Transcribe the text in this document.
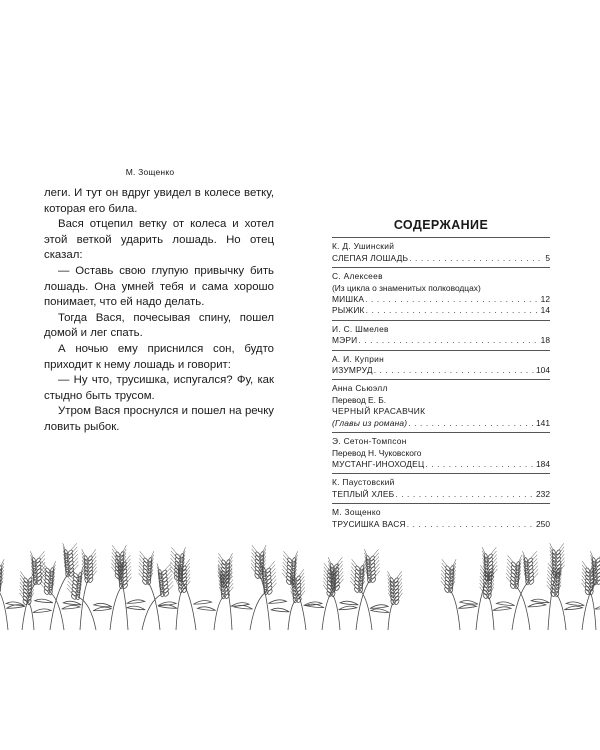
М. Зощенко

леги. И тут он вдруг увидел в колесе ветку, которая его била.

Вася отцепил ветку от колеса и хотел этой веткой ударить лошадь. Но отец сказал:

— Оставь свою глупую привычку бить лошадь. Она умней тебя и сама хорошо понимает, что ей надо делать.

Тогда Вася, почесывая спину, пошел домой и лег спать.

А ночью ему приснился сон, будто приходит к нему лошадь и говорит:

— Ну что, трусишка, испугался? Фу, как стыдно быть трусом.

Утром Вася проснулся и пошел на речку ловить рыбок.

СОДЕРЖАНИЕ
К. Д. Ушинский
СЛЕПАЯ ЛОШАДЬ . . .	5
С. Алексеев
(Из цикла о знаменитых полководцах)
МИШКА . . .	12
РЫЖИК . . .	14
И. С. Шмелев
МЭРИ . . .	18
А. И. Куприн
ИЗУМРУД . . .	104
Анна Сьюэлл
Перевод Е. Б.
ЧЕРНЫЙ КРАСАВЧИК
(Главы из романа) . . .	141
Э. Сетон-Томпсон
Перевод Н. Чуковского
МУСТАНГ-ИНОХОДЕЦ . . .	184
К. Паустовский
ТЕПЛЫЙ ХЛЕБ . . .	232
М. Зощенко
ТРУСИШКА ВАСЯ . . .	250
